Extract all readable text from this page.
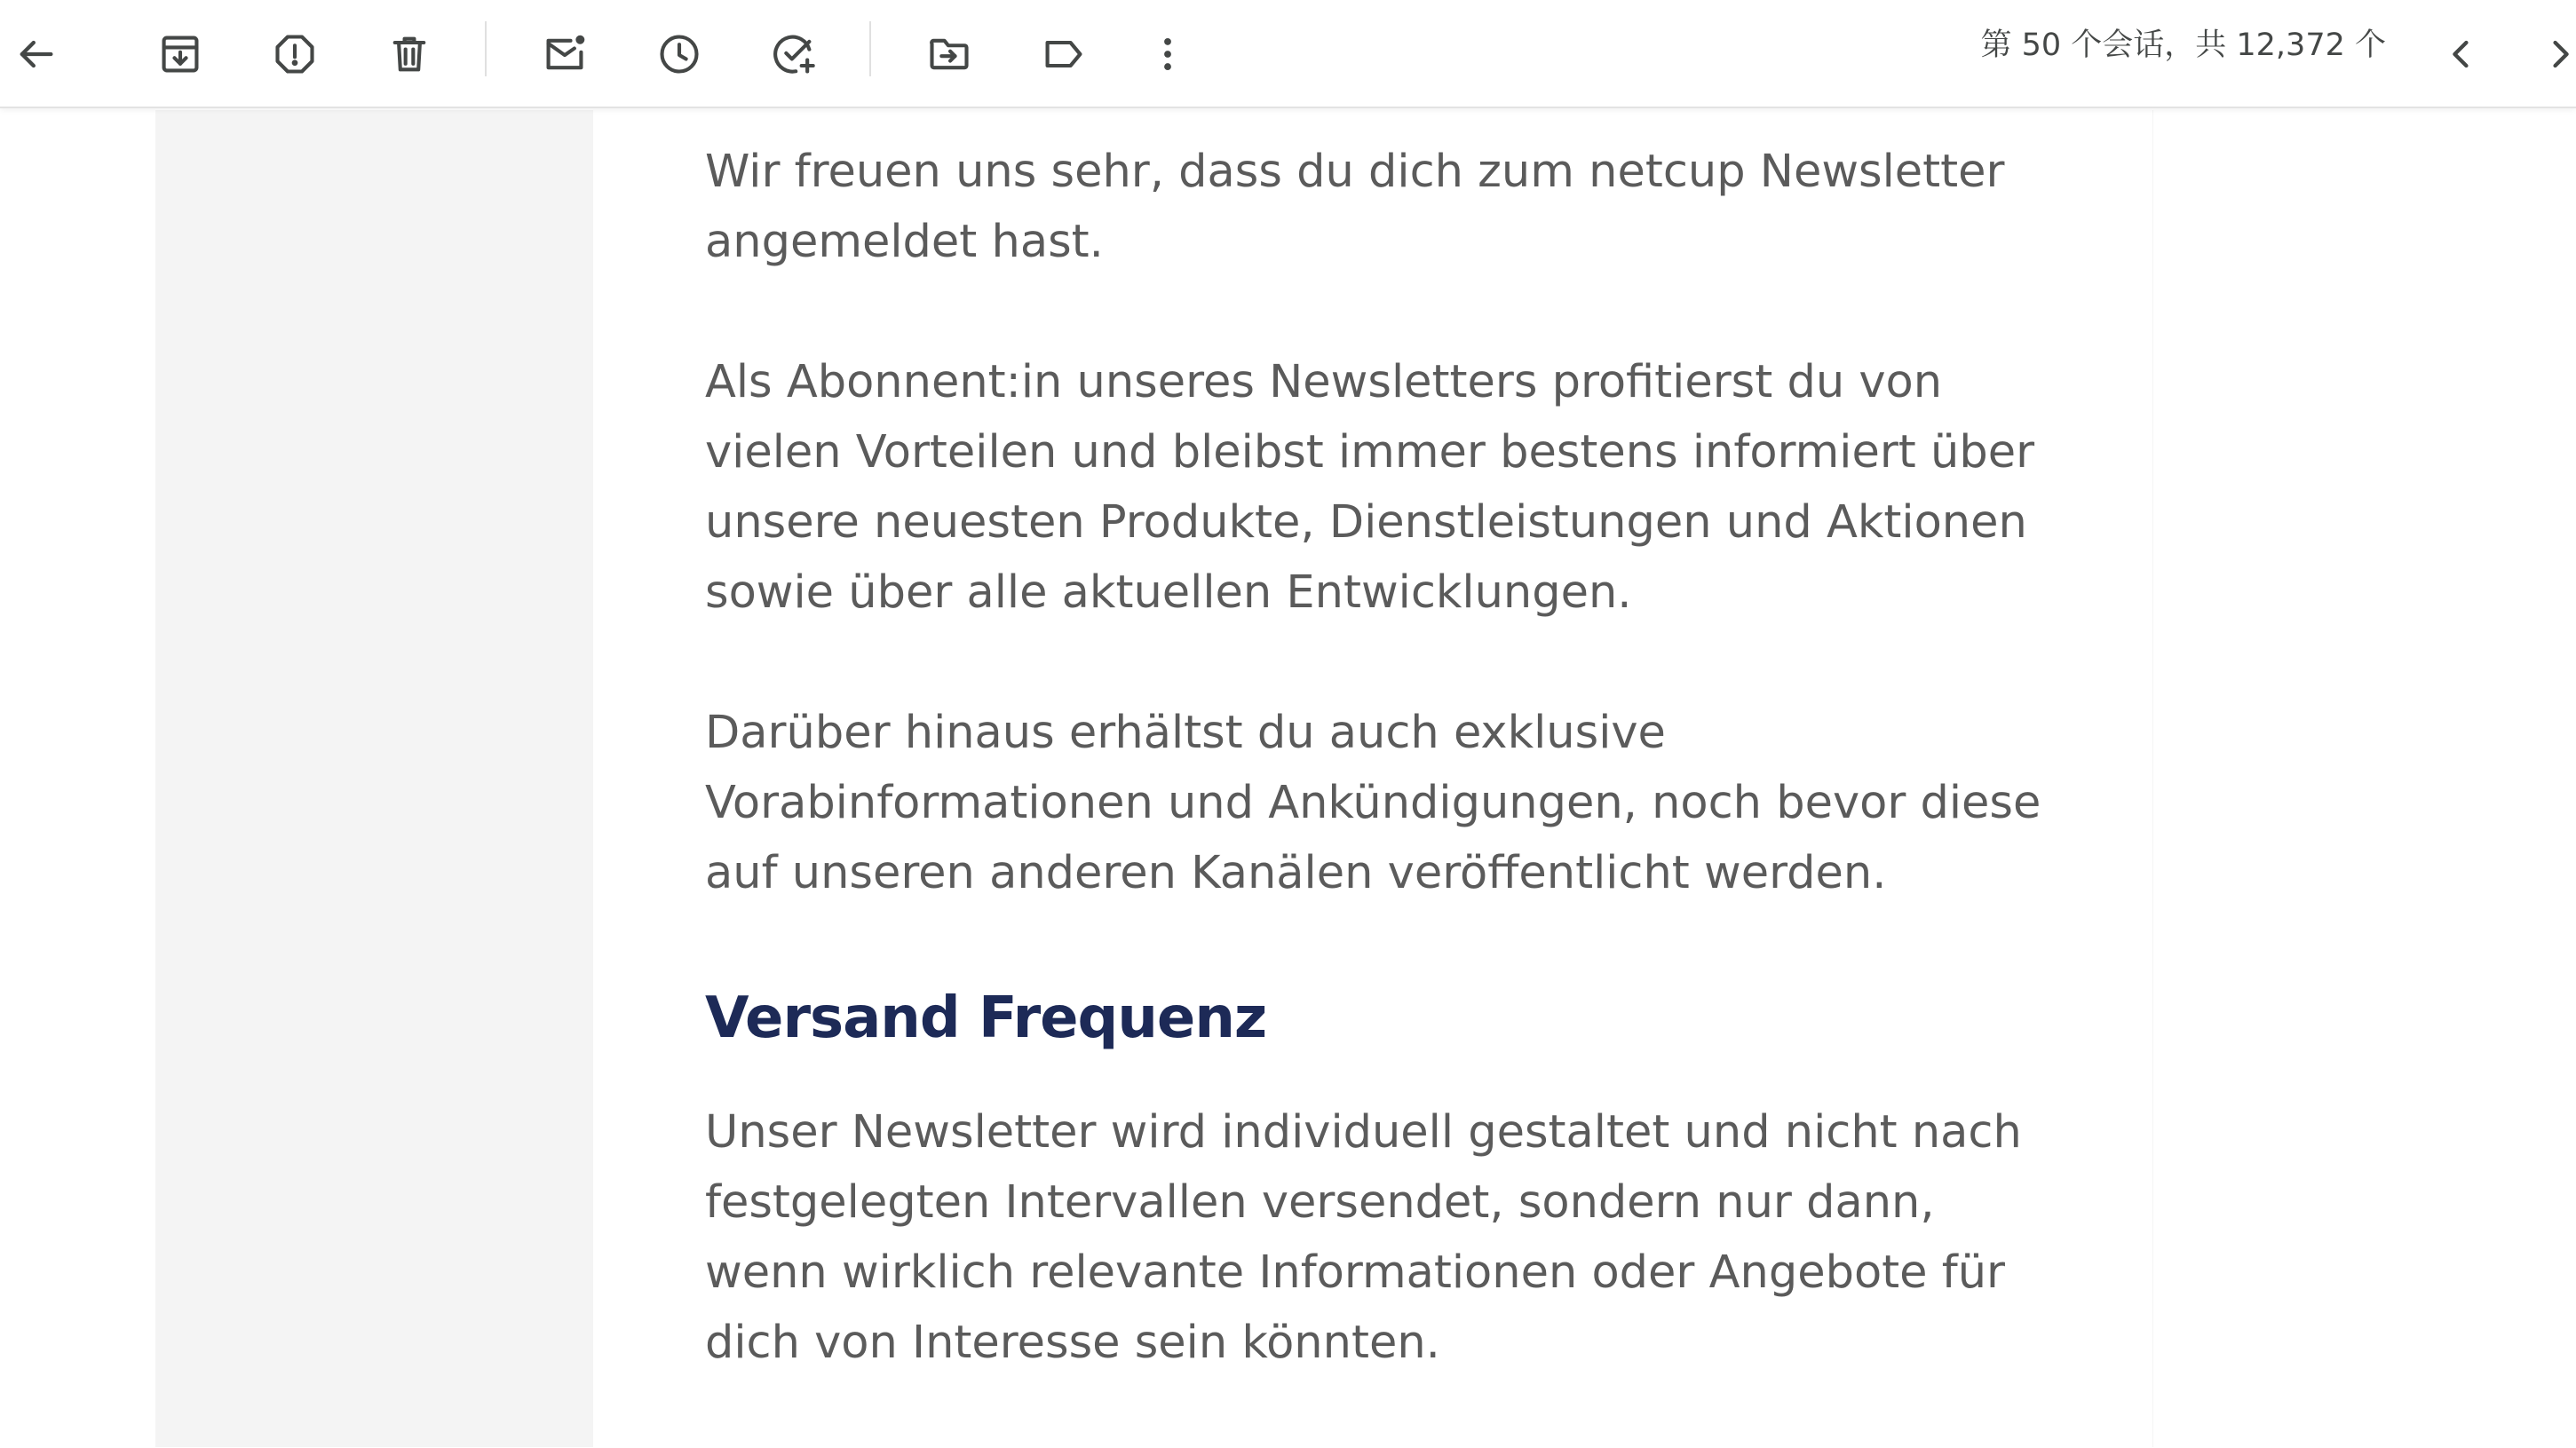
第 50 个会话，共 12,372 个

Wir freuen uns sehr, dass du dich zum netcup Newsletter angemeldet hast.

Als Abonnent:in unseres Newsletters profitierst du von vielen Vorteilen und bleibst immer bestens informiert über unsere neuesten Produkte, Dienstleistungen und Aktionen sowie über alle aktuellen Entwicklungen.

Darüber hinaus erhältst du auch exklusive Vorabinformationen und Ankündigungen, noch bevor diese auf unseren anderen Kanälen veröffentlicht werden.

Versand Frequenz

Unser Newsletter wird individuell gestaltet und nicht nach festgelegten Intervallen versendet, sondern nur dann, wenn wirklich relevante Informationen oder Angebote für dich von Interesse sein könnten.
